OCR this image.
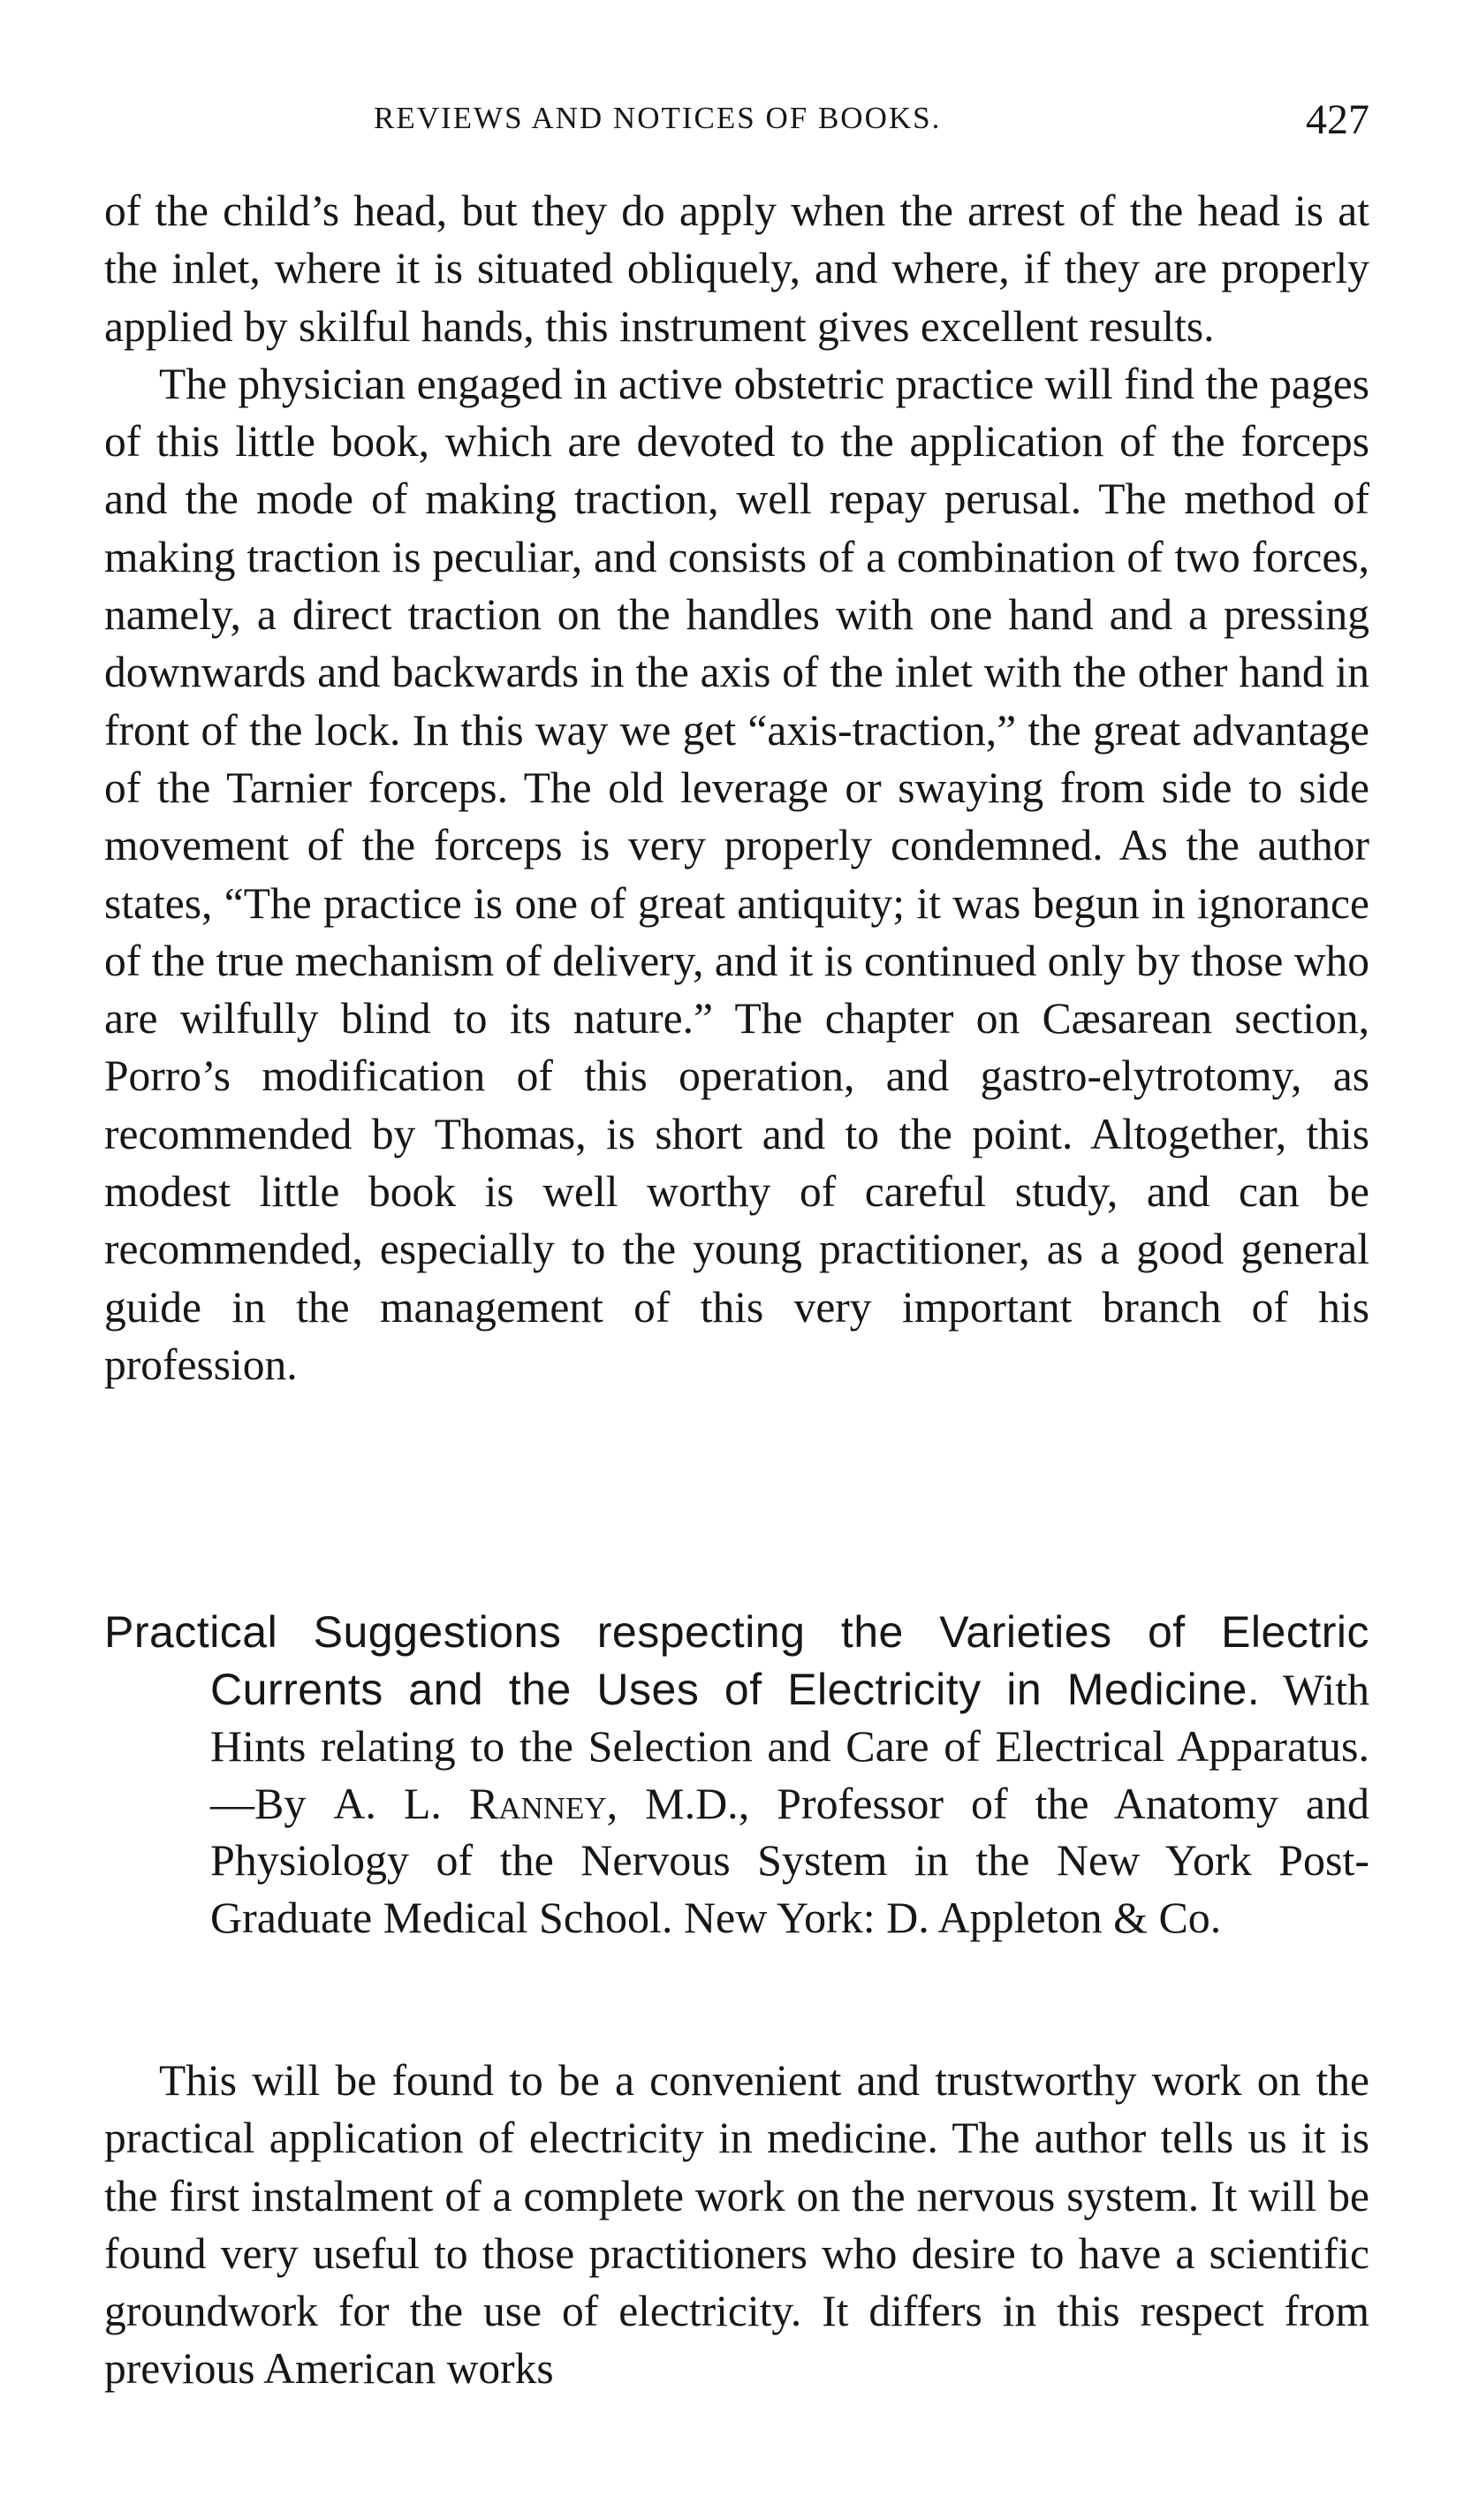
REVIEWS AND NOTICES OF BOOKS.	427

of the child’s head, but they do apply when the arrest of the head is at the inlet, where it is situated obliquely, and where, if they are properly applied by skilful hands, this instrument gives excellent results.

The physician engaged in active obstetric practice will find the pages of this little book, which are devoted to the application of the forceps and the mode of making traction, well repay perusal. The method of making traction is peculiar, and consists of a combination of two forces, namely, a direct traction on the handles with one hand and a pressing downwards and backwards in the axis of the inlet with the other hand in front of the lock. In this way we get “axis-traction,” the great advantage of the Tarnier forceps. The old leverage or swaying from side to side movement of the forceps is very properly condemned. As the author states, “The practice is one of great antiquity; it was begun in ignorance of the true mechanism of delivery, and it is continued only by those who are wilfully blind to its nature.” The chapter on Cæsarean section, Porro’s modification of this operation, and gastro-elytrotomy, as recommended by Thomas, is short and to the point. Altogether, this modest little book is well worthy of careful study, and can be recommended, especially to the young practitioner, as a good general guide in the management of this very important branch of his profession.

Practical Suggestions respecting the Varieties of Electric Currents and the Uses of Electricity in Medicine. With Hints relating to the Selection and Care of Electrical Apparatus.—By A. L. Ranney, M.D., Professor of the Anatomy and Physiology of the Nervous System in the New York Post-Graduate Medical School. New York: D. Appleton & Co.

This will be found to be a convenient and trustworthy work on the practical application of electricity in medicine. The author tells us it is the first instalment of a complete work on the nervous system. It will be found very useful to those practitioners who desire to have a scientific groundwork for the use of electricity. It differs in this respect from previous American works
